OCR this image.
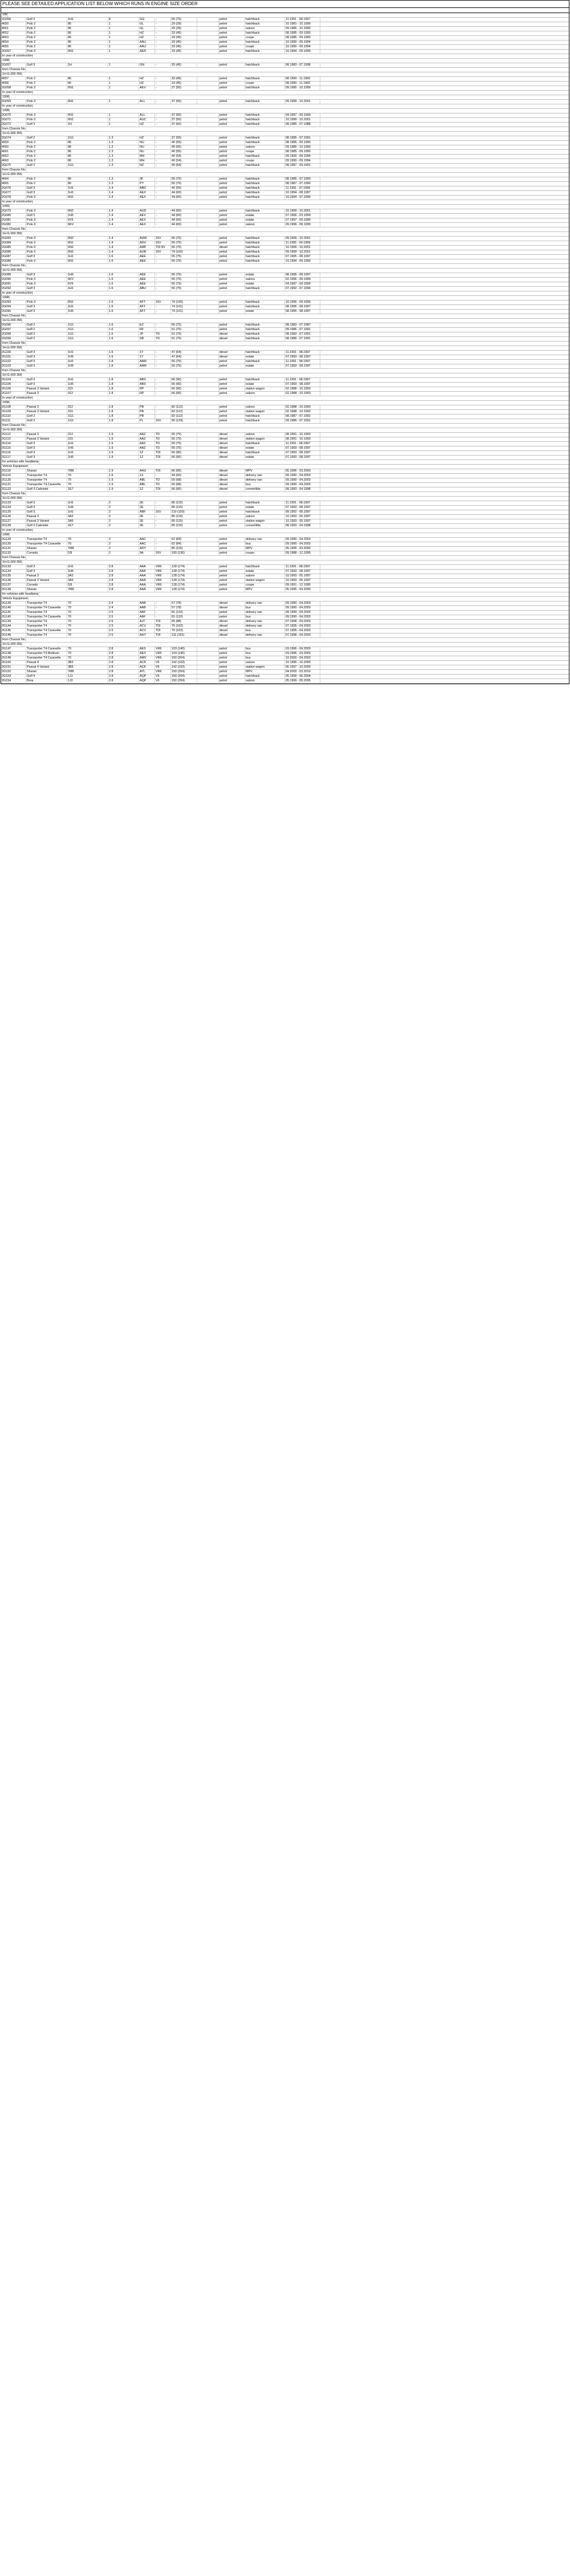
PLEASE SEE DETAILED APPLICATION LIST BELOW WHICH RUNS IN ENGINE SIZE ORDER
VW
2G056	Golf 3	1H1	8	GG	-	55 (75)	petrol	hatchback	11.1991 - 08.1997
4650	Polo 2	86	1	GL	-	29 (39)	petrol	hatchback	10.1981 - 10.1990
4651	Polo 2	86	1	GL	-	29 (39)	petrol	saloon	09.1985 - 10.1990
4652	Polo 2	86	1	HZ	-	33 (45)	petrol	hatchback	08.1985 - 09.1990
4653	Polo 2	86	1	HZ	-	33 (45)	petrol	coupe	08.1985 - 09.1990
4654	Polo 2	86	1	AAU	-	33 (45)	petrol	hatchback	10.1990 - 09.1994
4655	Polo 2	86	1	AAU	-	33 (45)	petrol	coupe	10.1990 - 09.1994
2G057	Polo 3	6N1	1	AER	-	33 (45)	petrol	hatchback	10.1994 - 09.1999
to year of construction
1998
2G057	Golf 3	1H	1	GN	-	33 (45)	petrol	hatchback	08.1983 - 07.1998
from Chassis No.
1H-G-000 356
4657	Polo 2	86	1	HZ	-	33 (45)	petrol	hatchback	08.1990 - 11.1992
4658	Polo 2	86	1	HZ	-	33 (45)	petrol	coupe	08.1990 - 11.1992
2G058	Polo 3	6N1	1	AEV	-	37 (50)	petrol	hatchback	09.1995 - 10.1999
to year of construction
1998
2G059	Polo 3	6N1	1	ALL	-	37 (50)	petrol	hatchback	09.1999 - 10.2001
to year of construction
1998
2G070	Polo 3	6N1	1	ALL	-	37 (50)	petrol	hatchback	04.1997 - 09.1999
2G071	Polo 3	6N1	1	AUC	-	37 (50)	petrol	hatchback	10.1999 - 10.2001
2G072	Golf 3	1H	1	HZ	-	37 (50)	petrol	hatchback	08.1985 - 07.1988
from Chassis No.
1H-G-000 356
2G074	Golf 2	1G1	1.3	HZ	-	37 (50)	petrol	hatchback	08.1985 - 07.1991
4659	Polo 2	86	1.3	NU	-	40 (55)	petrol	hatchback	08.1985 - 09.1990
4660	Polo 2	86	1.3	NU	-	40 (55)	petrol	saloon	09.1985 - 10.1990
4661	Polo 2	86	1.3	NU	-	40 (55)	petrol	coupe	08.1985 - 09.1990
4662	Polo 2	86	1.3	MH	-	40 (54)	petrol	hatchback	09.1990 - 09.1994
4663	Polo 2	86	1.3	MH	-	40 (54)	petrol	coupe	09.1990 - 09.1994
2G075	Golf 2	1G1	1.3	NZ	-	40 (54)	petrol	hatchback	08.1987 - 09.1991
from Chassis No.
1H-G-000 356
4664	Polo 2	86	1.3	3F	-	55 (75)	petrol	hatchback	08.1985 - 07.1990
4665	Polo 2	86	1.3	PY	-	55 (75)	petrol	hatchback	08.1987 - 07.1990
2G076	Golf 3	1H1	1.4	ABD	-	40 (55)	petrol	hatchback	11.1991 - 07.1995
2G077	Golf 3	1H1	1.4	AEX	-	44 (60)	petrol	hatchback	10.1994 - 08.1997
2G078	Polo 3	6N1	1.4	AEX	-	44 (60)	petrol	hatchback	10.1994 - 07.1999
to year of construction
1999
2G079	Polo 3	6N2	1.4	AUD	-	44 (60)	petrol	hatchback	10.1999 - 10.2001
2G080	Golf 3	1H5	1.4	AEX	-	44 (60)	petrol	estate	07.1996 - 03.1999
2G081	Polo 3	6V5	1.4	AEX	-	44 (60)	petrol	estate	07.1997 - 09.1999
2G082	Polo 3	6KV	1.4	AEX	-	44 (60)	petrol	saloon	09.1996 - 09.1999
from Chassis No.
1H-G-000 356
2G083	Polo 3	6N2	1.4	AHW	16V	55 (75)	petrol	hatchback	09.1999 - 10.2001
2G084	Polo 3	6N1	1.4	AFH	16V	55 (75)	petrol	hatchback	11.1995 - 09.1999
2G085	Polo 3	6N2	1.4	AMF	TDI 8V	55 (75)	diesel	hatchback	10.1999 - 10.2001
2G086	Polo 3	6N2	1.4	AUB	16V	74 (100)	petrol	hatchback	09.1999 - 10.2001
2G087	Golf 3	1H1	1.6	AEE	-	55 (75)	petrol	hatchback	07.1995 - 08.1997
2G088	Polo 3	6N1	1.6	AEE	-	55 (75)	petrol	hatchback	10.1994 - 09.1999
from Chassis No.
1H-G-000 356
2G089	Golf 3	1H5	1.6	AEE	-	55 (75)	petrol	estate	08.1995 - 08.1997
2G090	Polo 3	6KV	1.6	AEE	-	55 (75)	petrol	saloon	02.1996 - 09.1999
2G091	Polo 3	6V5	1.6	AEE	-	55 (75)	petrol	estate	04.1997 - 09.1999
2G092	Golf 3	1H1	1.6	ABU	-	55 (75)	petrol	hatchback	07.1992 - 07.1994
to year of construction
1998
2G093	Polo 3	6N1	1.6	AFT	16V	74 (100)	petrol	hatchback	10.1996 - 09.1999
2G094	Golf 3	1H1	1.6	AFT	-	74 (101)	petrol	hatchback	08.1995 - 08.1997
2G095	Golf 3	1H5	1.6	AFT	-	74 (101)	petrol	estate	08.1995 - 08.1997
from Chassis No.
1H-G-000 356
2G096	Golf 2	1G1	1.6	EZ	-	55 (75)	petrol	hatchback	08.1983 - 07.1987
2G097	Golf 2	1G1	1.6	RF	-	51 (70)	petrol	hatchback	09.1986 - 07.1991
2G098	Golf 2	1G1	1.6	JP	TD	51 (70)	diesel	hatchback	08.1983 - 07.1991
2G099	Golf 2	1G1	1.6	SB	TD	51 (70)	diesel	hatchback	08.1986 - 07.1991
from Chassis No.
1H-G-000 356
2G100	Golf 3	1H1	1.6	1Y	-	47 (64)	diesel	hatchback	11.1991 - 08.1997
2G101	Golf 3	1H5	1.6	1Y	-	47 (64)	diesel	estate	07.1993 - 08.1997
2G102	Golf 3	1H1	1.8	AAM	-	55 (75)	petrol	hatchback	11.1991 - 08.1997
2G103	Golf 3	1H5	1.8	AAM	-	55 (75)	petrol	estate	07.1993 - 08.1997
from Chassis No.
1H-G-000 356
2G104	Golf 3	1H1	1.8	ABS	-	66 (90)	petrol	hatchback	11.1991 - 08.1997
2G105	Golf 3	1H5	1.8	ABS	-	66 (90)	petrol	estate	07.1993 - 08.1997
2G106	Passat 3 Variant	315	1.8	RP	-	66 (90)	petrol	station wagon	02.1988 - 10.1993
2G107	Passat 3	312	1.8	RP	-	66 (90)	petrol	saloon	02.1988 - 10.1993
to year of construction
1998
2G108	Passat 3	312	1.8	PB	-	82 (112)	petrol	saloon	02.1988 - 10.1993
2G109	Passat 3 Variant	315	1.8	PB	-	82 (112)	petrol	station wagon	02.1988 - 10.1993
2G110	Golf 2	1G1	1.8	PB	-	82 (112)	petrol	hatchback	08.1987 - 07.1991
2G111	Golf 2	1G1	1.8	PL	16V	95 (129)	petrol	hatchback	09.1986 - 07.1991
from Chassis No.
1H-G-000 356
2G112	Passat 3	312	1.9	AAZ	TD	55 (75)	diesel	saloon	08.1991 - 10.1993
2G113	Passat 3 Variant	315	1.9	AAZ	TD	55 (75)	diesel	station wagon	08.1991 - 10.1993
2G114	Golf 3	1H1	1.9	AAZ	TD	55 (75)	diesel	hatchback	11.1991 - 08.1997
2G115	Golf 3	1H5	1.9	AAZ	TD	55 (75)	diesel	estate	07.1993 - 08.1997
2G116	Golf 3	1H1	1.9	1Z	TDI	66 (90)	diesel	hatchback	07.1993 - 08.1997
2G117	Golf 3	1H5	1.9	1Z	TDI	66 (90)	diesel	estate	07.1993 - 08.1997
for vehicles with headlamp
Vehicle Equipment
2G118	Sharan	7M8	1.9	AHU	TDI	66 (90)	diesel	MPV	05.1996 - 03.2000
2G119	Transporter T4	70	1.9	1X	-	44 (60)	diesel	delivery van	09.1990 - 04.2003
2G120	Transporter T4	70	1.9	ABL	TD	50 (68)	diesel	delivery van	09.1990 - 04.2003
2G121	Transporter T4 Caravelle	70	1.9	ABL	TD	50 (68)	diesel	bus	09.1990 - 04.2003
2G122	Golf 3 Cabriolet	1E7	1.9	1Z	TDI	66 (90)	diesel	convertible	08.1993 - 04.1998
from Chassis No.
1H-G-000 356
2G123	Golf 3	1H1	2	2E	-	85 (115)	petrol	hatchback	11.1991 - 08.1997
2G124	Golf 3	1H5	2	2E	-	85 (115)	petrol	estate	07.1993 - 08.1997
2G125	Golf 3	1H1	2	ABF	16V	110 (150)	petrol	hatchback	09.1992 - 08.1997
2G126	Passat 3	3A2	2	2E	-	85 (115)	petrol	saloon	10.1993 - 05.1997
2G127	Passat 3 Variant	3A5	2	2E	-	85 (115)	petrol	station wagon	10.1993 - 05.1997
2G128	Golf 3 Cabriolet	1E7	2	2E	-	85 (115)	petrol	convertible	08.1993 - 04.1998
to year of construction
1998
2G129	Transporter T4	70	2	AAC	-	62 (84)	petrol	delivery van	09.1990 - 04.2003
2G130	Transporter T4 Caravelle	70	2	AAC	-	62 (84)	petrol	bus	09.1990 - 04.2003
2G131	Sharan	7M8	2	ADY	-	85 (115)	petrol	MPV	05.1995 - 03.2000
2G132	Corrado	53I	2	9A	16V	100 (136)	petrol	coupe	09.1988 - 12.1995
from Chassis No.
1H-G-000 356
2G133	Golf 3	1H1	2.8	AAA	VR6	128 (174)	petrol	hatchback	11.1991 - 08.1997
2G134	Golf 3	1H5	2.8	AAA	VR6	128 (174)	petrol	estate	07.1993 - 08.1997
2G135	Passat 3	3A2	2.8	AAA	VR6	128 (174)	petrol	saloon	10.1993 - 05.1997
2G136	Passat 3 Variant	3A5	2.8	AAA	VR6	128 (174)	petrol	station wagon	10.1993 - 05.1997
2G137	Corrado	53I	2.8	AAA	VR6	128 (174)	petrol	coupe	09.1991 - 12.1995
2G138	Sharan	7M8	2.8	AAA	VR6	128 (174)	petrol	MPV	05.1995 - 03.2000
for vehicles with headlamp
Vehicle Equipment
2G139	Transporter T4	70	2.4	AAB	-	57 (78)	diesel	delivery van	09.1990 - 04.2003
2G140	Transporter T4 Caravelle	70	2.4	AAB	-	57 (78)	diesel	bus	09.1990 - 04.2003
2G141	Transporter T4	70	2.5	AAF	-	81 (110)	petrol	delivery van	09.1990 - 04.2003
2G142	Transporter T4 Caravelle	70	2.5	AAF	-	81 (110)	petrol	bus	09.1990 - 04.2003
2G143	Transporter T4	70	2.5	AJT	TDI	65 (88)	diesel	delivery van	07.1998 - 04.2003
2G144	Transporter T4	70	2.5	ACV	TDI	75 (102)	diesel	delivery van	07.1995 - 04.2003
2G145	Transporter T4 Caravelle	70	2.5	ACV	TDI	75 (102)	diesel	bus	07.1995 - 04.2003
2G146	Transporter T4	70	2.5	AHY	TDI	111 (151)	diesel	delivery van	07.1998 - 04.2003
from Chassis No.
1H-G-000 356
2G147	Transporter T4 Caravelle	70	2.8	AES	VR6	103 (140)	petrol	bus	03.1996 - 04.2003
2G148	Transporter T4 Multivan	70	2.8	AES	VR6	103 (140)	petrol	bus	03.1996 - 04.2003
2G149	Transporter T4 Caravelle	70	2.8	AMV	VR6	150 (204)	petrol	bus	10.2000 - 04.2003
2G150	Passat 4	3B2	2.8	ACK	V6	142 (193)	petrol	saloon	10.1996 - 10.2000
2G151	Passat 4 Variant	3B5	2.8	ACK	V6	142 (193)	petrol	station wagon	06.1997 - 10.2000
2G152	Sharan	7M8	2.8	AYL	VR6	150 (204)	petrol	MPV	04.2000 - 03.2010
2G153	Golf 4	1J1	2.8	AQP	V6	150 (204)	petrol	hatchback	05.1999 - 06.2004
2G154	Bora	1J2	2.8	AQP	V6	150 (204)	petrol	saloon	05.1999 - 05.2005
